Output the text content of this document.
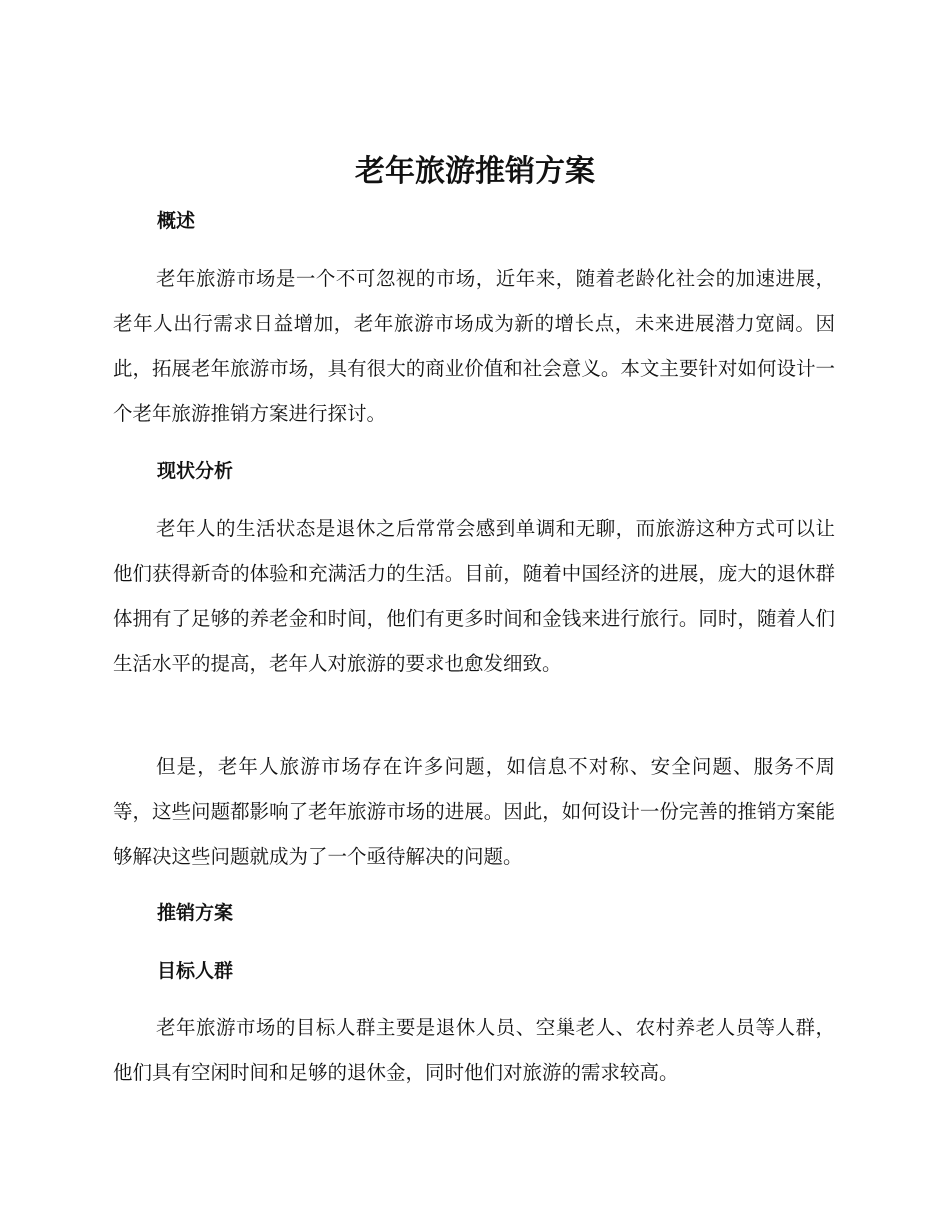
老年旅游推销方案
概述

老年旅游市场是一个不可忽视的市场，近年来，随着老龄化社会的加速进展，老年人出行需求日益增加，老年旅游市场成为新的增长点，未来进展潜力宽阔。因此，拓展老年旅游市场，具有很大的商业价值和社会意义。本文主要针对如何设计一个老年旅游推销方案进行探讨。

现状分析

老年人的生活状态是退休之后常常会感到单调和无聊，而旅游这种方式可以让他们获得新奇的体验和充满活力的生活。目前，随着中国经济的进展，庞大的退休群体拥有了足够的养老金和时间，他们有更多时间和金钱来进行旅行。同时，随着人们生活水平的提高，老年人对旅游的要求也愈发细致。

但是，老年人旅游市场存在许多问题，如信息不对称、安全问题、服务不周等，这些问题都影响了老年旅游市场的进展。因此，如何设计一份完善的推销方案能够解决这些问题就成为了一个亟待解决的问题。

推销方案
目标人群

老年旅游市场的目标人群主要是退休人员、空巢老人、农村养老人员等人群，他们具有空闲时间和足够的退休金，同时他们对旅游的需求较高。
